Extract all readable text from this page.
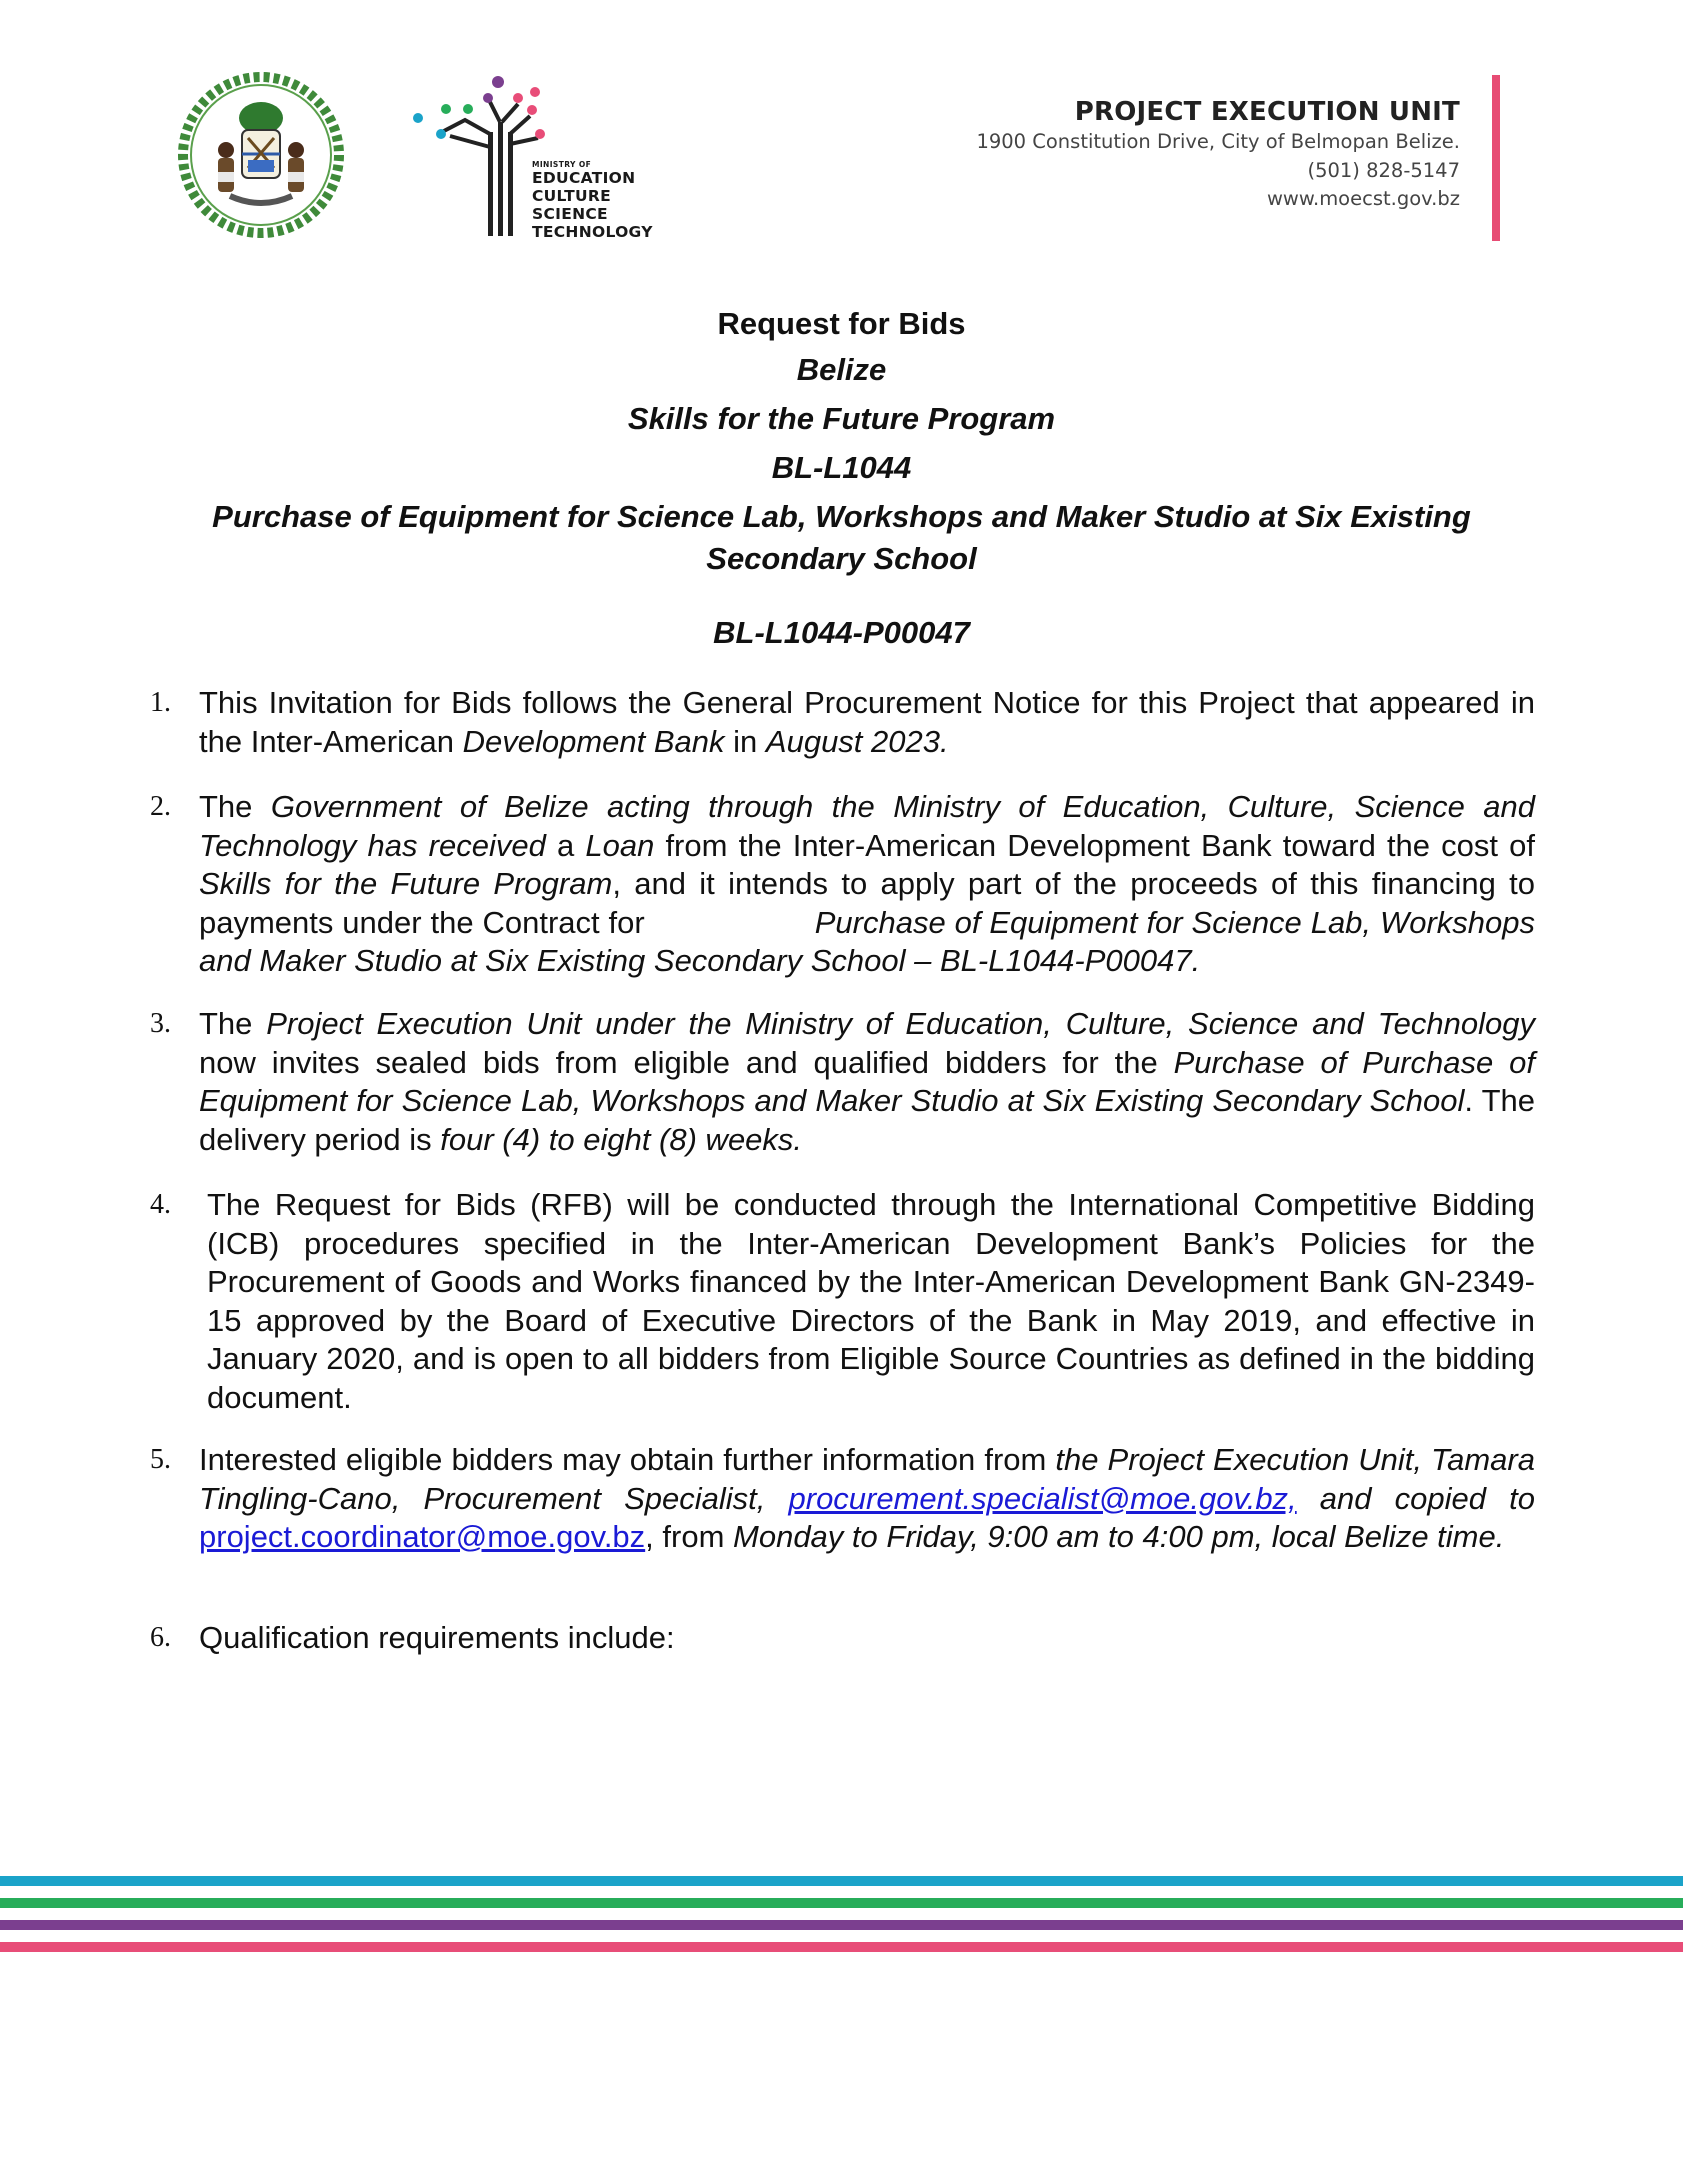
MINISTRY OF
EDUCATION
CULTURE
SCIENCE
TECHNOLOGY
PROJECT EXECUTION UNIT
1900 Constitution Drive, City of Belmopan Belize.
(501) 828-5147
www.moecst.gov.bz
Request for Bids
Belize
Skills for the Future Program
BL-L1044
Purchase of Equipment for Science Lab, Workshops and Maker Studio at Six Existing
Secondary School
BL-L1044-P00047
1. This Invitation for Bids follows the General Procurement Notice for this Project that appeared in the Inter-American Development Bank in August 2023.
2. The Government of Belize acting through the Ministry of Education, Culture, Science and Technology has received a Loan from the Inter-American Development Bank toward the cost of Skills for the Future Program, and it intends to apply part of the proceeds of this financing to payments under the Contract for	Purchase of Equipment for Science Lab, Workshops and Maker Studio at Six Existing Secondary School – BL-L1044-P00047.
3. The Project Execution Unit under the Ministry of Education, Culture, Science and Technology now invites sealed bids from eligible and qualified bidders for the Purchase of Purchase of Equipment for Science Lab, Workshops and Maker Studio at Six Existing Secondary School. The delivery period is four (4) to eight (8) weeks.
4. The Request for Bids (RFB) will be conducted through the International Competitive Bidding (ICB) procedures specified in the Inter-American Development Bank’s Policies for the Procurement of Goods and Works financed by the Inter-American Development Bank GN-2349-15 approved by the Board of Executive Directors of the Bank in May 2019, and effective in January 2020, and is open to all bidders from Eligible Source Countries as defined in the bidding document.
5. Interested eligible bidders may obtain further information from the Project Execution Unit, Tamara Tingling-Cano, Procurement Specialist, procurement.specialist@moe.gov.bz, and copied to project.coordinator@moe.gov.bz, from Monday to Friday, 9:00 am to 4:00 pm, local Belize time.
6. Qualification requirements include:
